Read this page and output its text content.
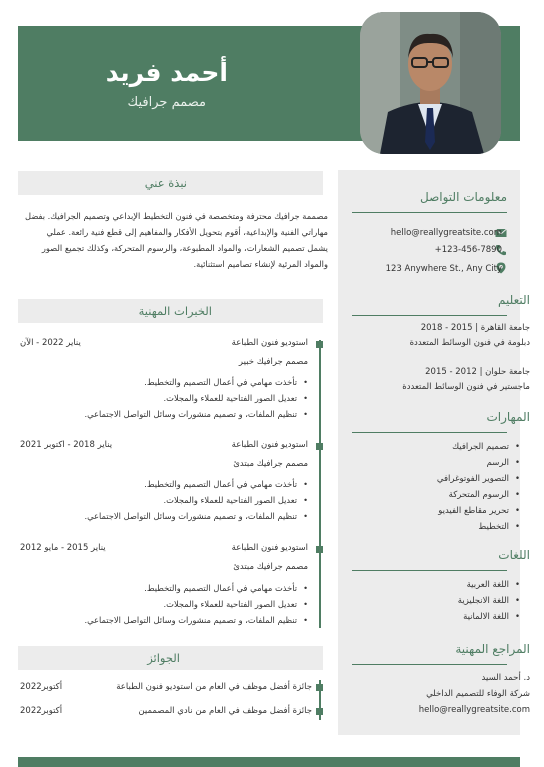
أحمد فريد
مصمم جرافيك
معلومات التواصل
hello@reallygreatsite.com
+123-456-7890
123 Anywhere St., Any City
التعليم
جامعة القاهرة | 2015 - 2018
دبلومة في فنون الوسائط المتعددة
جامعة حلوان | 2012 - 2015
ماجستير في فنون الوسائط المتعددة
المهارات
• تصميم الجرافيك
• الرسم
• التصوير الفوتوغرافي
• الرسوم المتحركة
• تحرير مقاطع الفيديو
• التخطيط
اللغات
• اللغة العربية
• اللغة الانجليزية
• اللغة الالمانية
المراجع المهنية
د. أحمد السيد
شركة الوفاء للتصميم الداخلي
hello@reallygreatsite.com
نبذة عني
مصممة جرافيك محترفة ومتخصصة في فنون التخطيط الإبداعي وتصميم الجرافيك. بفضل مهاراتي الفنية والإبداعية، أقوم بتحويل الأفكار والمفاهيم إلى قطع فنية رائعة. عملي يشمل تصميم الشعارات، والمواد المطبوعة، والرسوم المتحركة، وكذلك تجميع الصور والمواد المرئية لإنشاء تصاميم استثنائية.
الخبرات المهنية
استوديو فنون الطباعة
يناير 2022 - الآن
مصمم جرافيك خبير
• تأخذت مهامي في أعمال التصميم والتخطيط.
• تعديل الصور الفتاحية للعملاء والمجلات.
• تنظيم الملفات، و تصميم منشورات وسائل التواصل الاجتماعي.
استوديو فنون الطباعة
يناير 2018 - اكتوبر 2021
مصمم جرافيك مبتدئ
• تأخذت مهامي في أعمال التصميم والتخطيط.
• تعديل الصور الفتاحية للعملاء والمجلات.
• تنظيم الملفات، و تصميم منشورات وسائل التواصل الاجتماعي.
استوديو فنون الطباعة
يناير 2015 - مايو 2012
مصمم جرافيك مبتدئ
• تأخذت مهامي في أعمال التصميم والتخطيط.
• تعديل الصور الفتاحية للعملاء والمجلات.
• تنظيم الملفات، و تصميم منشورات وسائل التواصل الاجتماعي.
الجوائز
جائزة أفضل موظف في العام من استوديو فنون الطباعة
أكتوبر2022
جائزة أفضل موظف في العام من نادي المصممين
أكتوبر2022
